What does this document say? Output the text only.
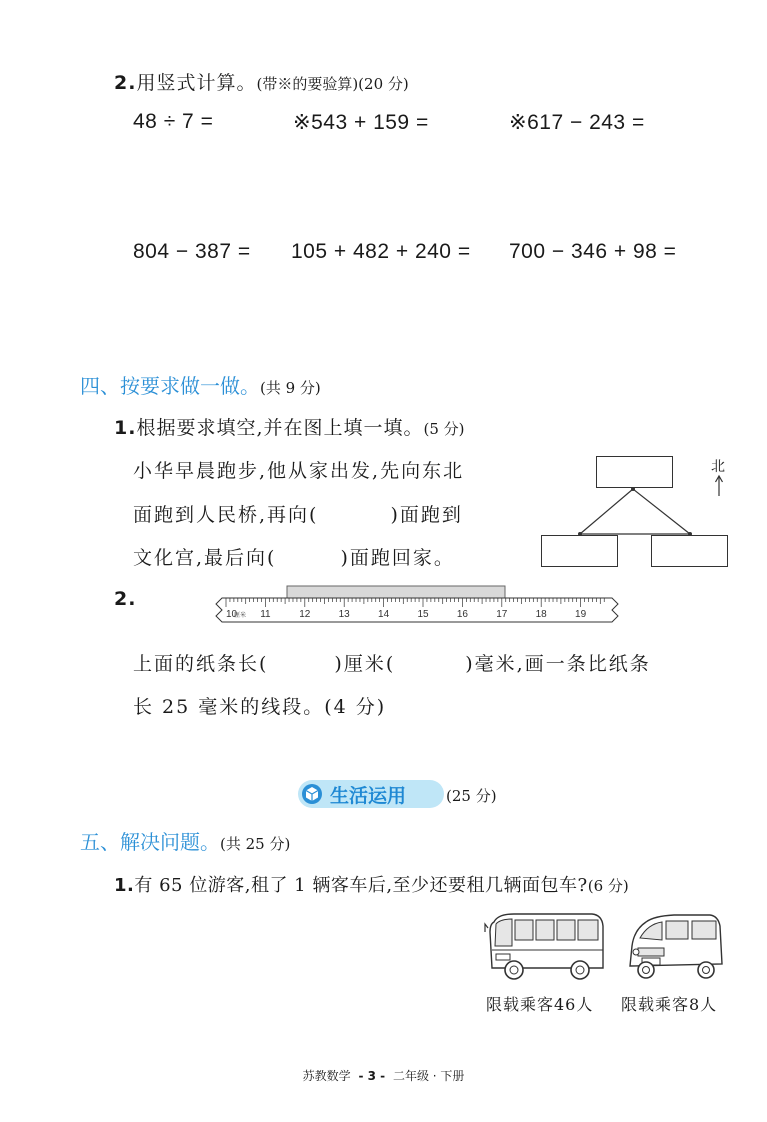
2.用竖式计算。(带※的要验算)(20 分)
48 ÷ 7 =	※543 + 159 =	※617 − 243 =
804 − 387 = 105 + 482 + 240 = 700 − 346 + 98 =
四、按要求做一做。(共 9 分)
1.根据要求填空,并在图上填一填。(5 分)
小华早晨跑步,他从家出发,先向东北
面跑到人民桥,再向(	)面跑到
文化宫,最后向(	)面跑回家。
北
2.
10 11	12	13	14	15	16	17	18	19
厘米
上面的纸条长(	)厘米(	)毫米,画一条比纸条
长 25 毫米的线段。(4 分)
生活运用	(25 分)
五、解决问题。(共 25 分)
1.有 65 位游客,租了 1 辆客车后,至少还要租几辆面包车?(6 分)
限载乘客46人 限载乘客8人
苏教数学 - 3 - 二年级 · 下册
